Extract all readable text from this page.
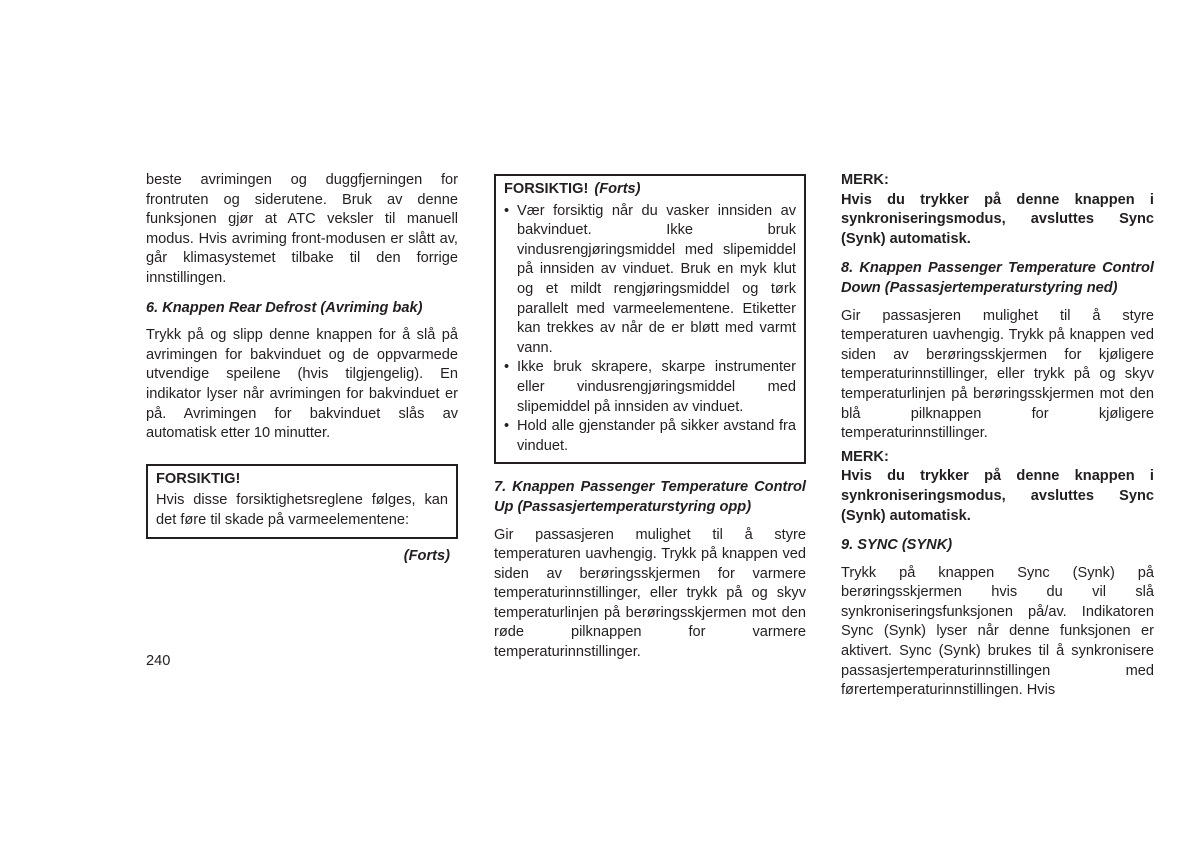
beste avrimingen og duggfjerningen for frontruten og siderutene. Bruk av denne funksjonen gjør at ATC veksler til manuell modus. Hvis avriming front-modusen er slått av, går klimasystemet tilbake til den forrige innstillingen.

6. Knappen Rear Defrost (Avriming bak)

Trykk på og slipp denne knappen for å slå på avrimingen for bakvinduet og de oppvarmede utvendige speilene (hvis tilgjengelig). En indikator lyser når avrimingen for bakvinduet er på. Avrimingen for bakvinduet slås av automatisk etter 10 minutter.

FORSIKTIG!

Hvis disse forsiktighetsreglene følges, kan det føre til skade på varmeelementene:

(Forts)
FORSIKTIG! (Forts)
• Vær forsiktig når du vasker innsiden av bakvinduet. Ikke bruk vindusrengjøringsmiddel med slipemiddel på innsiden av vinduet. Bruk en myk klut og et mildt rengjøringsmiddel og tørk parallelt med varmeelementene. Etiketter kan trekkes av når de er bløtt med varmt vann.
• Ikke bruk skrapere, skarpe instrumenter eller vindusrengjøringsmiddel med slipemiddel på innsiden av vinduet.
• Hold alle gjenstander på sikker avstand fra vinduet.

7. Knappen Passenger Temperature Control Up (Passasjertemperaturstyring opp)

Gir passasjeren mulighet til å styre temperaturen uavhengig. Trykk på knappen ved siden av berøringsskjermen for varmere temperaturinnstillinger, eller trykk på og skyv temperaturlinjen på berøringsskjermen mot den røde pilknappen for varmere temperaturinnstillinger.

MERK:

Hvis du trykker på denne knappen i synkroniseringsmodus, avsluttes Sync (Synk) automatisk.

8. Knappen Passenger Temperature Control Down (Passasjertemperaturstyring ned)

Gir passasjeren mulighet til å styre temperaturen uavhengig. Trykk på knappen ved siden av berøringsskjermen for kjøligere temperaturinnstillinger, eller trykk på og skyv temperaturlinjen på berøringsskjermen mot den blå pilknappen for kjøligere temperaturinnstillinger.

MERK:

Hvis du trykker på denne knappen i synkroniseringsmodus, avsluttes Sync (Synk) automatisk.

9. SYNC (SYNK)

Trykk på knappen Sync (Synk) på berøringsskjermen hvis du vil slå synkroniseringsfunksjonen på/av. Indikatoren Sync (Synk) lyser når denne funksjonen er aktivert. Sync (Synk) brukes til å synkronisere passasjertemperaturinnstillingen med førertemperaturinnstillingen. Hvis

240
